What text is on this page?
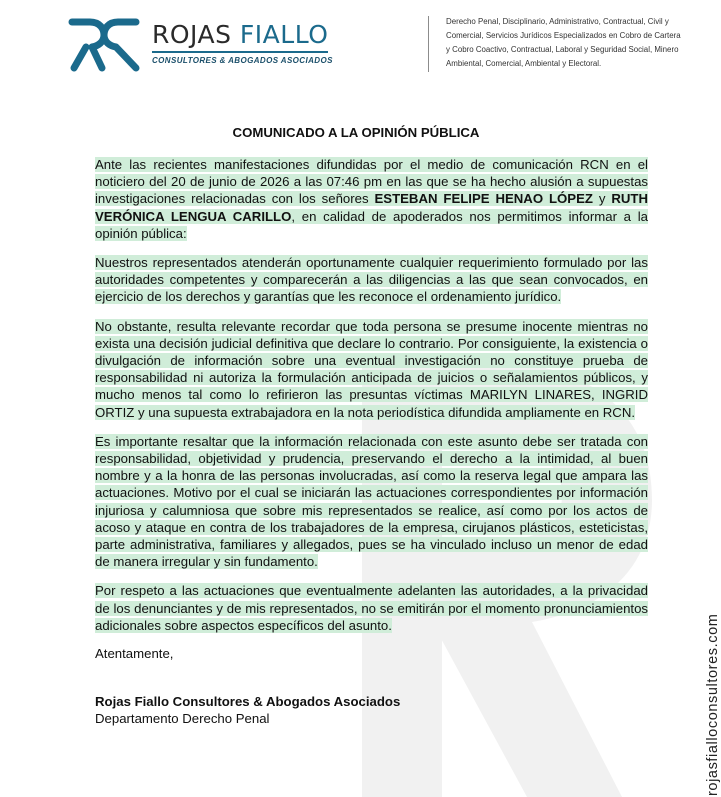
ROJAS FIALLO
CONSULTORES & ABOGADOS ASOCIADOS
Derecho Penal, Disciplinario, Administrativo, Contractual, Civil y
Comercial, Servicios Jurídicos Especializados en Cobro de Cartera
y Cobro Coactivo, Contractual, Laboral y Seguridad Social, Minero
Ambiental, Comercial, Ambiental y Electoral.
COMUNICADO A LA OPINIÓN PÚBLICA

Ante las recientes manifestaciones difundidas por el medio de comunicación RCN en el noticiero del 20 de junio de 2026 a las 07:46 pm en las que se ha hecho alusión a supuestas investigaciones relacionadas con los señores ESTEBAN FELIPE HENAO LÓPEZ y RUTH VERÓNICA LENGUA CARILLO, en calidad de apoderados nos permitimos informar a la opinión pública:

Nuestros representados atenderán oportunamente cualquier requerimiento formulado por las autoridades competentes y comparecerán a las diligencias a las que sean convocados, en ejercicio de los derechos y garantías que les reconoce el ordenamiento jurídico.

No obstante, resulta relevante recordar que toda persona se presume inocente mientras no exista una decisión judicial definitiva que declare lo contrario. Por consiguiente, la existencia o divulgación de información sobre una eventual investigación no constituye prueba de responsabilidad ni autoriza la formulación anticipada de juicios o señalamientos públicos, y mucho menos tal como lo refirieron las presuntas víctimas MARILYN LINARES, INGRID ORTIZ y una supuesta extrabajadora en la nota periodística difundida ampliamente en RCN.

Es importante resaltar que la información relacionada con este asunto debe ser tratada con responsabilidad, objetividad y prudencia, preservando el derecho a la intimidad, al buen nombre y a la honra de las personas involucradas, así como la reserva legal que ampara las actuaciones. Motivo por el cual se iniciarán las actuaciones correspondientes por información injuriosa y calumniosa que sobre mis representados se realice, así como por los actos de acoso y ataque en contra de los trabajadores de la empresa, cirujanos plásticos, esteticistas, parte administrativa, familiares y allegados, pues se ha vinculado incluso un menor de edad de manera irregular y sin fundamento.

Por respeto a las actuaciones que eventualmente adelanten las autoridades, a la privacidad de los denunciantes y de mis representados, no se emitirán por el momento pronunciamientos adicionales sobre aspectos específicos del asunto.

Atentamente,
Rojas Fiallo Consultores & Abogados Asociados
Departamento Derecho Penal	rojasfialloconsultores.com
